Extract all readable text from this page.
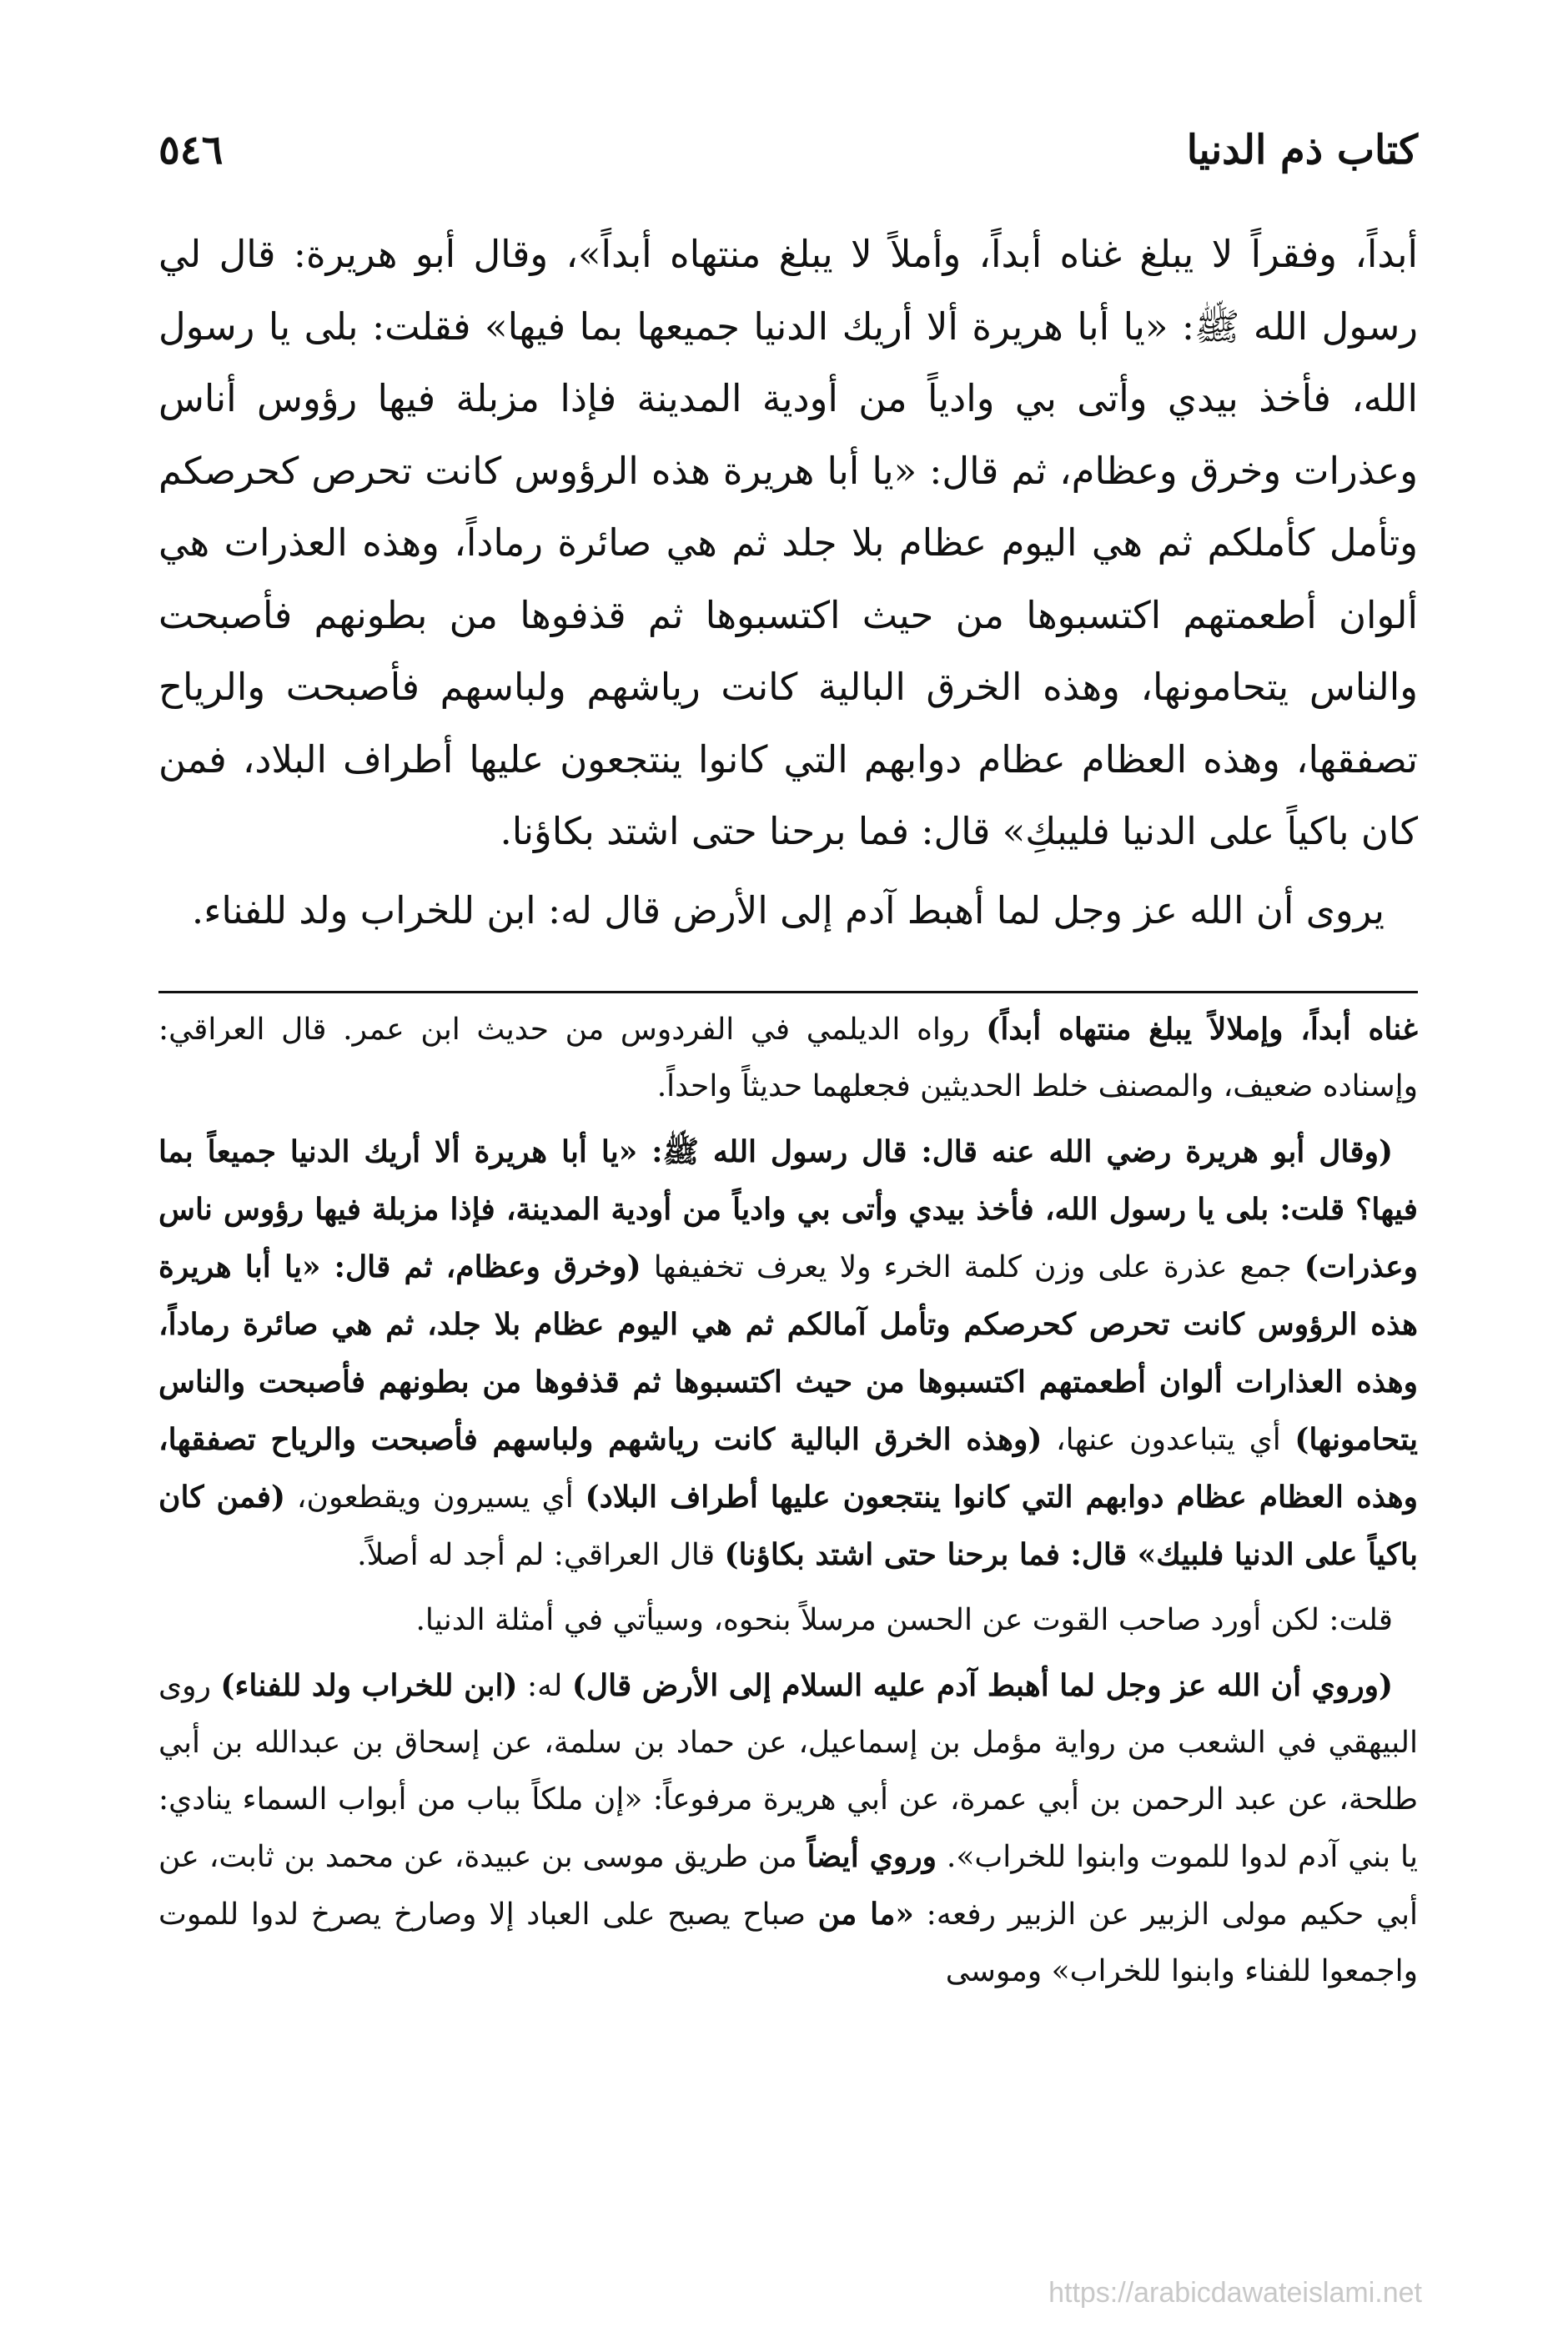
كتاب ذم الدنيا
٥٤٦

أبداً، وفقراً لا يبلغ غناه أبداً، وأملاً لا يبلغ منتهاه أبداً»، وقال أبو هريرة: قال لي رسول الله ﷺ: «يا أبا هريرة ألا أريك الدنيا جميعها بما فيها» فقلت: بلى يا رسول الله، فأخذ بيدي وأتى بي وادياً من أودية المدينة فإذا مزبلة فيها رؤوس أناس وعذرات وخرق وعظام، ثم قال: «يا أبا هريرة هذه الرؤوس كانت تحرص كحرصكم وتأمل كأملكم ثم هي اليوم عظام بلا جلد ثم هي صائرة رماداً، وهذه العذرات هي ألوان أطعمتهم اكتسبوها من حيث اكتسبوها ثم قذفوها من بطونهم فأصبحت والناس يتحامونها، وهذه الخرق البالية كانت رياشهم ولباسهم فأصبحت والرياح تصفقها، وهذه العظام عظام دوابهم التي كانوا ينتجعون عليها أطراف البلاد، فمن كان باكياً على الدنيا فليبكِ» قال: فما برحنا حتى اشتد بكاؤنا.

يروى أن الله عز وجل لما أهبط آدم إلى الأرض قال له: ابن للخراب ولد للفناء.

غناه أبداً، وإملالاً يبلغ منتهاه أبداً) رواه الديلمي في الفردوس من حديث ابن عمر. قال العراقي: وإسناده ضعيف، والمصنف خلط الحديثين فجعلهما حديثاً واحداً.

(وقال أبو هريرة رضي الله عنه قال: قال رسول الله ﷺ: «يا أبا هريرة ألا أريك الدنيا جميعاً بما فيها؟ قلت: بلى يا رسول الله، فأخذ بيدي وأتى بي وادياً من أودية المدينة، فإذا مزبلة فيها رؤوس ناس وعذرات) جمع عذرة على وزن كلمة الخرء ولا يعرف تخفيفها (وخرق وعظام، ثم قال: «يا أبا هريرة هذه الرؤوس كانت تحرص كحرصكم وتأمل آمالكم ثم هي اليوم عظام بلا جلد، ثم هي صائرة رماداً، وهذه العذارات ألوان أطعمتهم اكتسبوها من حيث اكتسبوها ثم قذفوها من بطونهم فأصبحت والناس يتحامونها) أي يتباعدون عنها، (وهذه الخرق البالية كانت رياشهم ولباسهم فأصبحت والرياح تصفقها، وهذه العظام عظام دوابهم التي كانوا ينتجعون عليها أطراف البلاد) أي يسيرون ويقطعون، (فمن كان باكياً على الدنيا فلبيك» قال: فما برحنا حتى اشتد بكاؤنا) قال العراقي: لم أجد له أصلاً.

قلت: لكن أورد صاحب القوت عن الحسن مرسلاً بنحوه، وسيأتي في أمثلة الدنيا.

(وروي أن الله عز وجل لما أهبط آدم عليه السلام إلى الأرض قال) له: (ابن للخراب ولد للفناء) روى البيهقي في الشعب من رواية مؤمل بن إسماعيل، عن حماد بن سلمة، عن إسحاق بن عبدالله بن أبي طلحة، عن عبد الرحمن بن أبي عمرة، عن أبي هريرة مرفوعاً: «إن ملكاً بباب من أبواب السماء ينادي: يا بني آدم لدوا للموت وابنوا للخراب». وروي أيضاً من طريق موسى بن عبيدة، عن محمد بن ثابت، عن أبي حكيم مولى الزبير عن الزبير رفعه: «ما من صباح يصبح على العباد إلا وصارخ يصرخ لدوا للموت واجمعوا للفناء وابنوا للخراب» وموسى

https://arabicdawateislami.net
